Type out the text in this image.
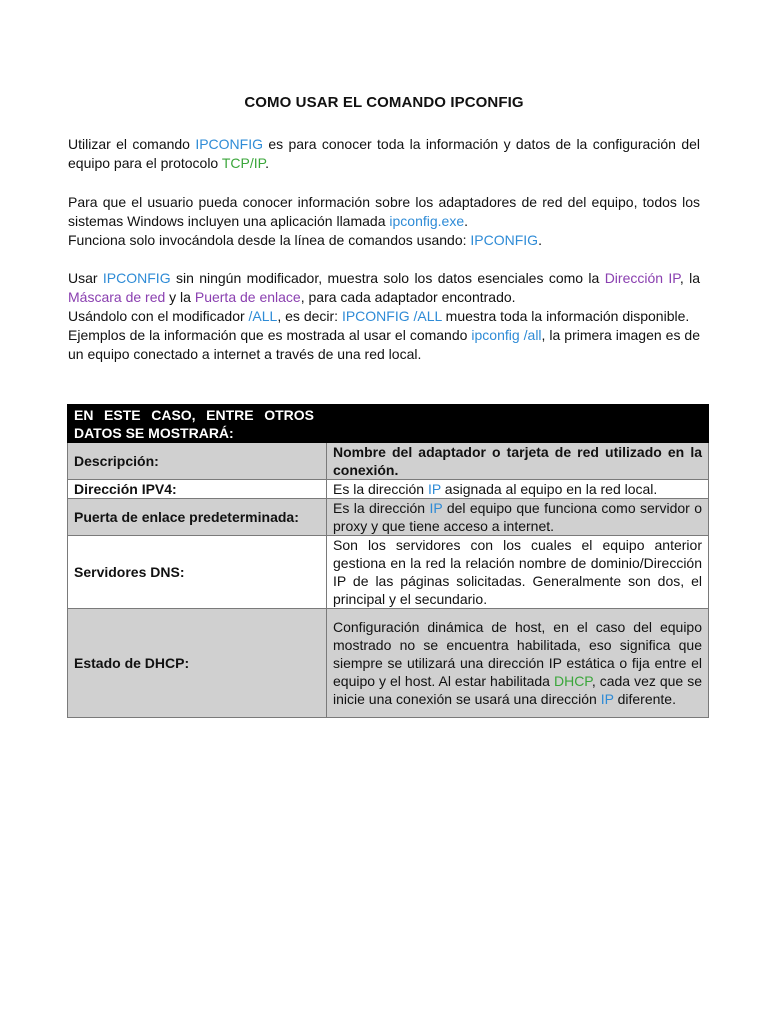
COMO USAR EL COMANDO IPCONFIG
Utilizar el comando IPCONFIG es para conocer toda la información y datos de la configuración del equipo para el protocolo TCP/IP.
Para que el usuario pueda conocer información sobre los adaptadores de red del equipo, todos los sistemas Windows incluyen una aplicación llamada ipconfig.exe.
Funciona solo invocándola desde la línea de comandos usando: IPCONFIG.
Usar IPCONFIG sin ningún modificador, muestra solo los datos esenciales como la Dirección IP, la Máscara de red y la Puerta de enlace, para cada adaptador encontrado.
Usándolo con el modificador /ALL, es decir: IPCONFIG /ALL muestra toda la información disponible.
Ejemplos de la información que es mostrada al usar el comando ipconfig /all, la primera imagen es de un equipo conectado a internet a través de una red local.
EN ESTE CASO, ENTRE OTROS DATOS SE MOSTRARÁ:	

Descripción:	Nombre del adaptador o tarjeta de red utilizado en la conexión.
Dirección IPV4:	Es la dirección IP asignada al equipo en la red local.
Puerta de enlace predeterminada:	Es la dirección IP del equipo que funciona como servidor o proxy y que tiene acceso a internet.
Servidores DNS:	Son los servidores con los cuales el equipo anterior gestiona en la red la relación nombre de dominio/Dirección IP de las páginas solicitadas. Generalmente son dos, el principal y el secundario.
Estado de DHCP:	Configuración dinámica de host, en el caso del equipo mostrado no se encuentra habilitada, eso significa que siempre se utilizará una dirección IP estática o fija entre el equipo y el host. Al estar habilitada DHCP, cada vez que se inicie una conexión se usará una dirección IP diferente.
